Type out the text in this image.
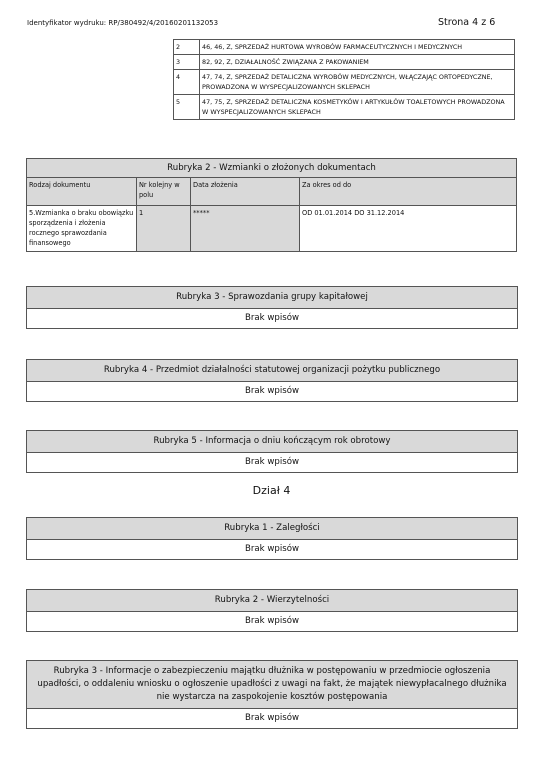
Identyfikator wydruku: RP/380492/4/20160201132053	Strona 4 z 6
2	46, 46, Z, SPRZEDAŻ HURTOWA WYROBÓW FARMACEUTYCZNYCH I MEDYCZNYCH
3	82, 92, Z, DZIAŁALNOŚĆ ZWIĄZANA Z PAKOWANIEM
4	47, 74, Z, SPRZEDAŻ DETALICZNA WYROBÓW MEDYCZNYCH, WŁĄCZAJĄC ORTOPEDYCZNE, PROWADZONA W WYSPECJALIZOWANYCH SKLEPACH
5	47, 75, Z, SPRZEDAŻ DETALICZNA KOSMETYKÓW I ARTYKUŁÓW TOALETOWYCH PROWADZONA W WYSPECJALIZOWANYCH SKLEPACH
Rubryka 2 - Wzmianki o złożonych dokumentach			
Rodzaj dokumentu	Nr kolejny w polu	Data złożenia	Za okres od do
5.Wzmianka o braku obowiązku sporządzenia i złożenia rocznego sprawozdania finansowego	1	*****	OD 01.01.2014 DO 31.12.2014
Rubryka 3 - Sprawozdania grupy kapitałowej
Brak wpisów
Rubryka 4 - Przedmiot działalności statutowej organizacji pożytku publicznego
Brak wpisów
Rubryka 5 - Informacja o dniu kończącym rok obrotowy
Brak wpisów
Dział 4
Rubryka 1 - Zaległości
Brak wpisów
Rubryka 2 - Wierzytelności
Brak wpisów
Rubryka 3 - Informacje o zabezpieczeniu majątku dłużnika w postępowaniu w przedmiocie ogłoszenia upadłości, o oddaleniu wniosku o ogłoszenie upadłości z uwagi na fakt, że majątek niewypłacalnego dłużnika nie wystarcza na zaspokojenie kosztów postępowania
Brak wpisów
